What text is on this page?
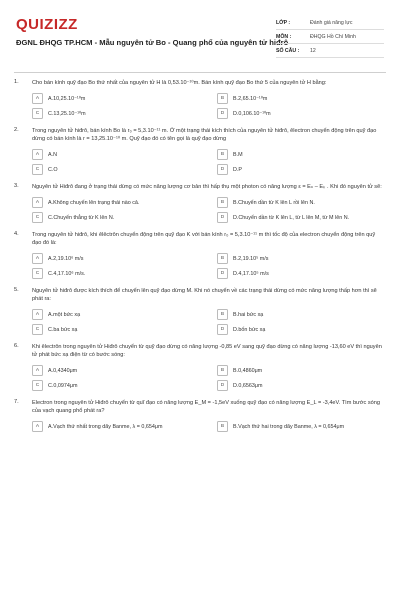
QUIZIZZ
ĐGNL ĐHQG TP.HCM - Mẫu nguyên tử Bo - Quang phổ của nguyên tử hiđrô
LỚP :	Đánh giá năng lực
MÔN :	ĐHQG Hồ Chí Minh
SỐ CÂU :	12
1. Cho bán kính quỹ đạo Bo thứ nhất của nguyên tử H là 0,53.10⁻¹⁰m. Bán kính quỹ đạo Bo thứ 5 của nguyên tử H bằng:
A	A.10,25.10⁻¹⁰m	B	B.2,65.10⁻¹⁰m
C	C.13,25.10⁻¹⁰m	D	D.0,106.10⁻¹⁰m
2. Trong nguyên tử hiđrô, bán kính Bo là r₀ = 5,3.10⁻¹¹ m. Ở một trạng thái kích thích của nguyên tử hiđrô, êlectron chuyển động trên quỹ đạo dừng có bán kính là r = 13,25.10⁻¹⁰ m. Quỹ đạo đó có tên gọi là quỹ đạo dừng
A	A.N	B	B.M
C	C.O	D	D.P
3. Nguyên tử Hiđrô đang ở trạng thái dừng có mức năng lượng cơ bản thì hấp thụ một photon có năng lượng ε = Eₙ – Eₖ . Khi đó nguyên tử sẽ:
A	A.Không chuyển lên trạng thái nào cả.	B	B.Chuyển dần từ K lên L rồi lên N.
C	C.Chuyển thẳng từ K lên N.	D	D.Chuyển dần từ K lên L, từ L lên M, từ M lên N.
4. Trong nguyên tử hiđrô, khi êlêctrôn chuyển động trên quỹ đạo K với bán kính r₀ = 5,3.10⁻¹¹ m thì tốc độ của electron chuyển động trên quỹ đạo đó là:
A	A.2,19.10⁶ m/s	B	B.2,19.10⁵ m/s
C	C.4,17.10⁶ m/s.	D	D.4,17.10⁵ m/s
5. Nguyên tử hiđrô được kích thích để chuyển lên quỹ đạo dừng M. Khi nó chuyển về các trạng thái dừng có mức năng lượng thấp hơn thì sẽ phát ra:
A	A.một bức xạ	B	B.hai bức xạ
C	C.ba bức xạ	D	D.bốn bức xạ
6. Khi êlectrôn trong nguyên tử Hiđrô chuyển từ quỹ đạo dừng có năng lượng -0,85 eV sang quỹ đạo dừng có năng lượng -13,60 eV thì nguyên tử phát bức xạ điện từ có bước sóng:
A	A.0,4340μm	B	B.0,4860μm
C	C.0,0974μm	D	D.0,6563μm
7. Electron trong nguyên tử Hiđrô chuyển từ quĩ đạo có năng lượng E_M = -1,5eV xuống quỹ đạo có năng lượng E_L = -3,4eV. Tìm bước sóng của vạch quang phổ phát ra?
A	A.Vạch thứ nhất trong dãy Banme, λ = 0,654μm	B	B.Vạch thứ hai trong dãy Banme, λ = 0,654μm
